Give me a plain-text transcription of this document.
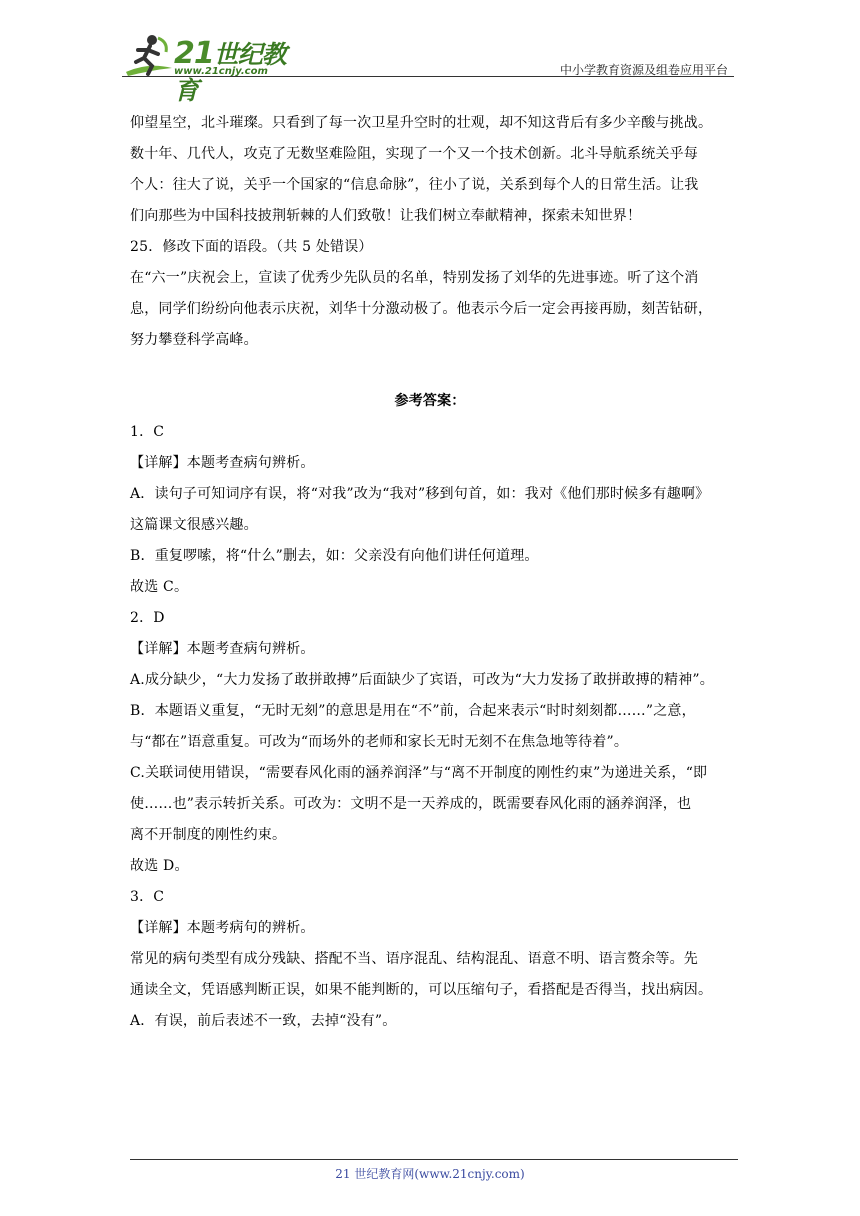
21世纪教育
www.21cnjy.com	中小学教育资源及组卷应用平台

仰望星空，北斗璀璨。只看到了每一次卫星升空时的壮观，却不知这背后有多少辛酸与挑战。

数十年、几代人，攻克了无数坚难险阻，实现了一个又一个技术创新。北斗导航系统关乎每

个人：往大了说，关乎一个国家的“信息命脉”，往小了说，关系到每个人的日常生活。让我

们向那些为中国科技披荆斩棘的人们致敬！让我们树立奉献精神，探索未知世界！

25．修改下面的语段。（共 5 处错误）

在“六一”庆祝会上，宣读了优秀少先队员的名单，特别发扬了刘华的先进事迹。听了这个消

息，同学们纷纷向他表示庆祝，刘华十分激动极了。他表示今后一定会再接再励，刻苦钻研，

努力攀登科学高峰。

参考答案：

1．C

【详解】本题考查病句辨析。

A．读句子可知词序有误，将“对我”改为“我对”移到句首，如：我对《他们那时候多有趣啊》

这篇课文很感兴趣。

B．重复啰嗦，将“什么”删去，如：父亲没有向他们讲任何道理。

故选 C。

2．D

【详解】本题考查病句辨析。

A.成分缺少，“大力发扬了敢拼敢搏”后面缺少了宾语，可改为“大力发扬了敢拼敢搏的精神”。

B．本题语义重复，“无时无刻”的意思是用在“不”前，合起来表示“时时刻刻都……”之意，

与“都在”语意重复。可改为“而场外的老师和家长无时无刻不在焦急地等待着”。

C.关联词使用错误，“需要春风化雨的涵养润泽”与“离不开制度的刚性约束”为递进关系，“即

使……也”表示转折关系。可改为：文明不是一天养成的，既需要春风化雨的涵养润泽，也

离不开制度的刚性约束。

故选 D。

3．C

【详解】本题考病句的辨析。

常见的病句类型有成分残缺、搭配不当、语序混乱、结构混乱、语意不明、语言赘余等。先

通读全文，凭语感判断正误，如果不能判断的，可以压缩句子，看搭配是否得当，找出病因。

A．有误，前后表述不一致，去掉“没有”。

21 世纪教育网(www.21cnjy.com)
